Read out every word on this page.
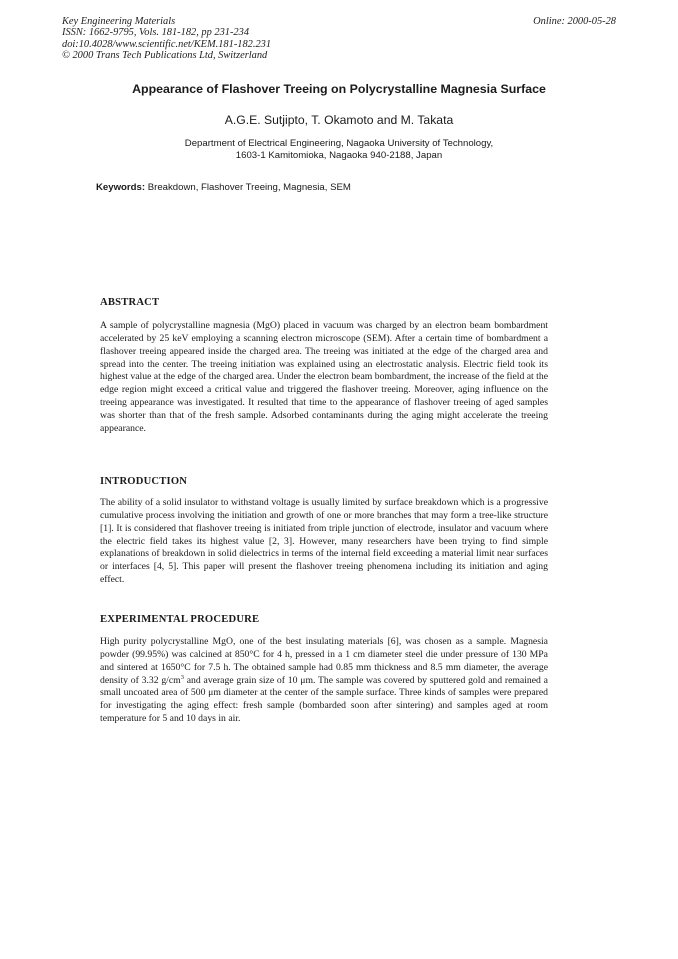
Key Engineering Materials
ISSN: 1662-9795, Vols. 181-182, pp 231-234
doi:10.4028/www.scientific.net/KEM.181-182.231
© 2000 Trans Tech Publications Ltd, Switzerland
Online: 2000-05-28
Appearance of Flashover Treeing on Polycrystalline Magnesia Surface
A.G.E. Sutjipto, T. Okamoto and M. Takata
Department of Electrical Engineering, Nagaoka University of Technology,
1603-1 Kamitomioka, Nagaoka 940-2188, Japan
Keywords: Breakdown, Flashover Treeing, Magnesia, SEM
ABSTRACT
A sample of polycrystalline magnesia (MgO) placed in vacuum was charged by an electron beam bombardment accelerated by 25 keV employing a scanning electron microscope (SEM). After a certain time of bombardment a flashover treeing appeared inside the charged area. The treeing was initiated at the edge of the charged area and spread into the center. The treeing initiation was explained using an electrostatic analysis. Electric field took its highest value at the edge of the charged area. Under the electron beam bombardment, the increase of the field at the edge region might exceed a critical value and triggered the flashover treeing. Moreover, aging influence on the treeing appearance was investigated. It resulted that time to the appearance of flashover treeing of aged samples was shorter than that of the fresh sample. Adsorbed contaminants during the aging might accelerate the treeing appearance.
INTRODUCTION
The ability of a solid insulator to withstand voltage is usually limited by surface breakdown which is a progressive cumulative process involving the initiation and growth of one or more branches that may form a tree-like structure [1]. It is considered that flashover treeing is initiated from triple junction of electrode, insulator and vacuum where the electric field takes its highest value [2, 3]. However, many researchers have been trying to find simple explanations of breakdown in solid dielectrics in terms of the internal field exceeding a material limit near surfaces or interfaces [4, 5]. This paper will present the flashover treeing phenomena including its initiation and aging effect.
EXPERIMENTAL PROCEDURE
High purity polycrystalline MgO, one of the best insulating materials [6], was chosen as a sample. Magnesia powder (99.95%) was calcined at 850°C for 4 h, pressed in a 1 cm diameter steel die under pressure of 130 MPa and sintered at 1650°C for 7.5 h. The obtained sample had 0.85 mm thickness and 8.5 mm diameter, the average density of 3.32 $g/cm^3$ and average grain size of 10 μm. The sample was covered by sputtered gold and remained a small uncoated area of 500 μm diameter at the center of the sample surface. Three kinds of samples were prepared for investigating the aging effect: fresh sample (bombarded soon after sintering) and samples aged at room temperature for 5 and 10 days in air.
